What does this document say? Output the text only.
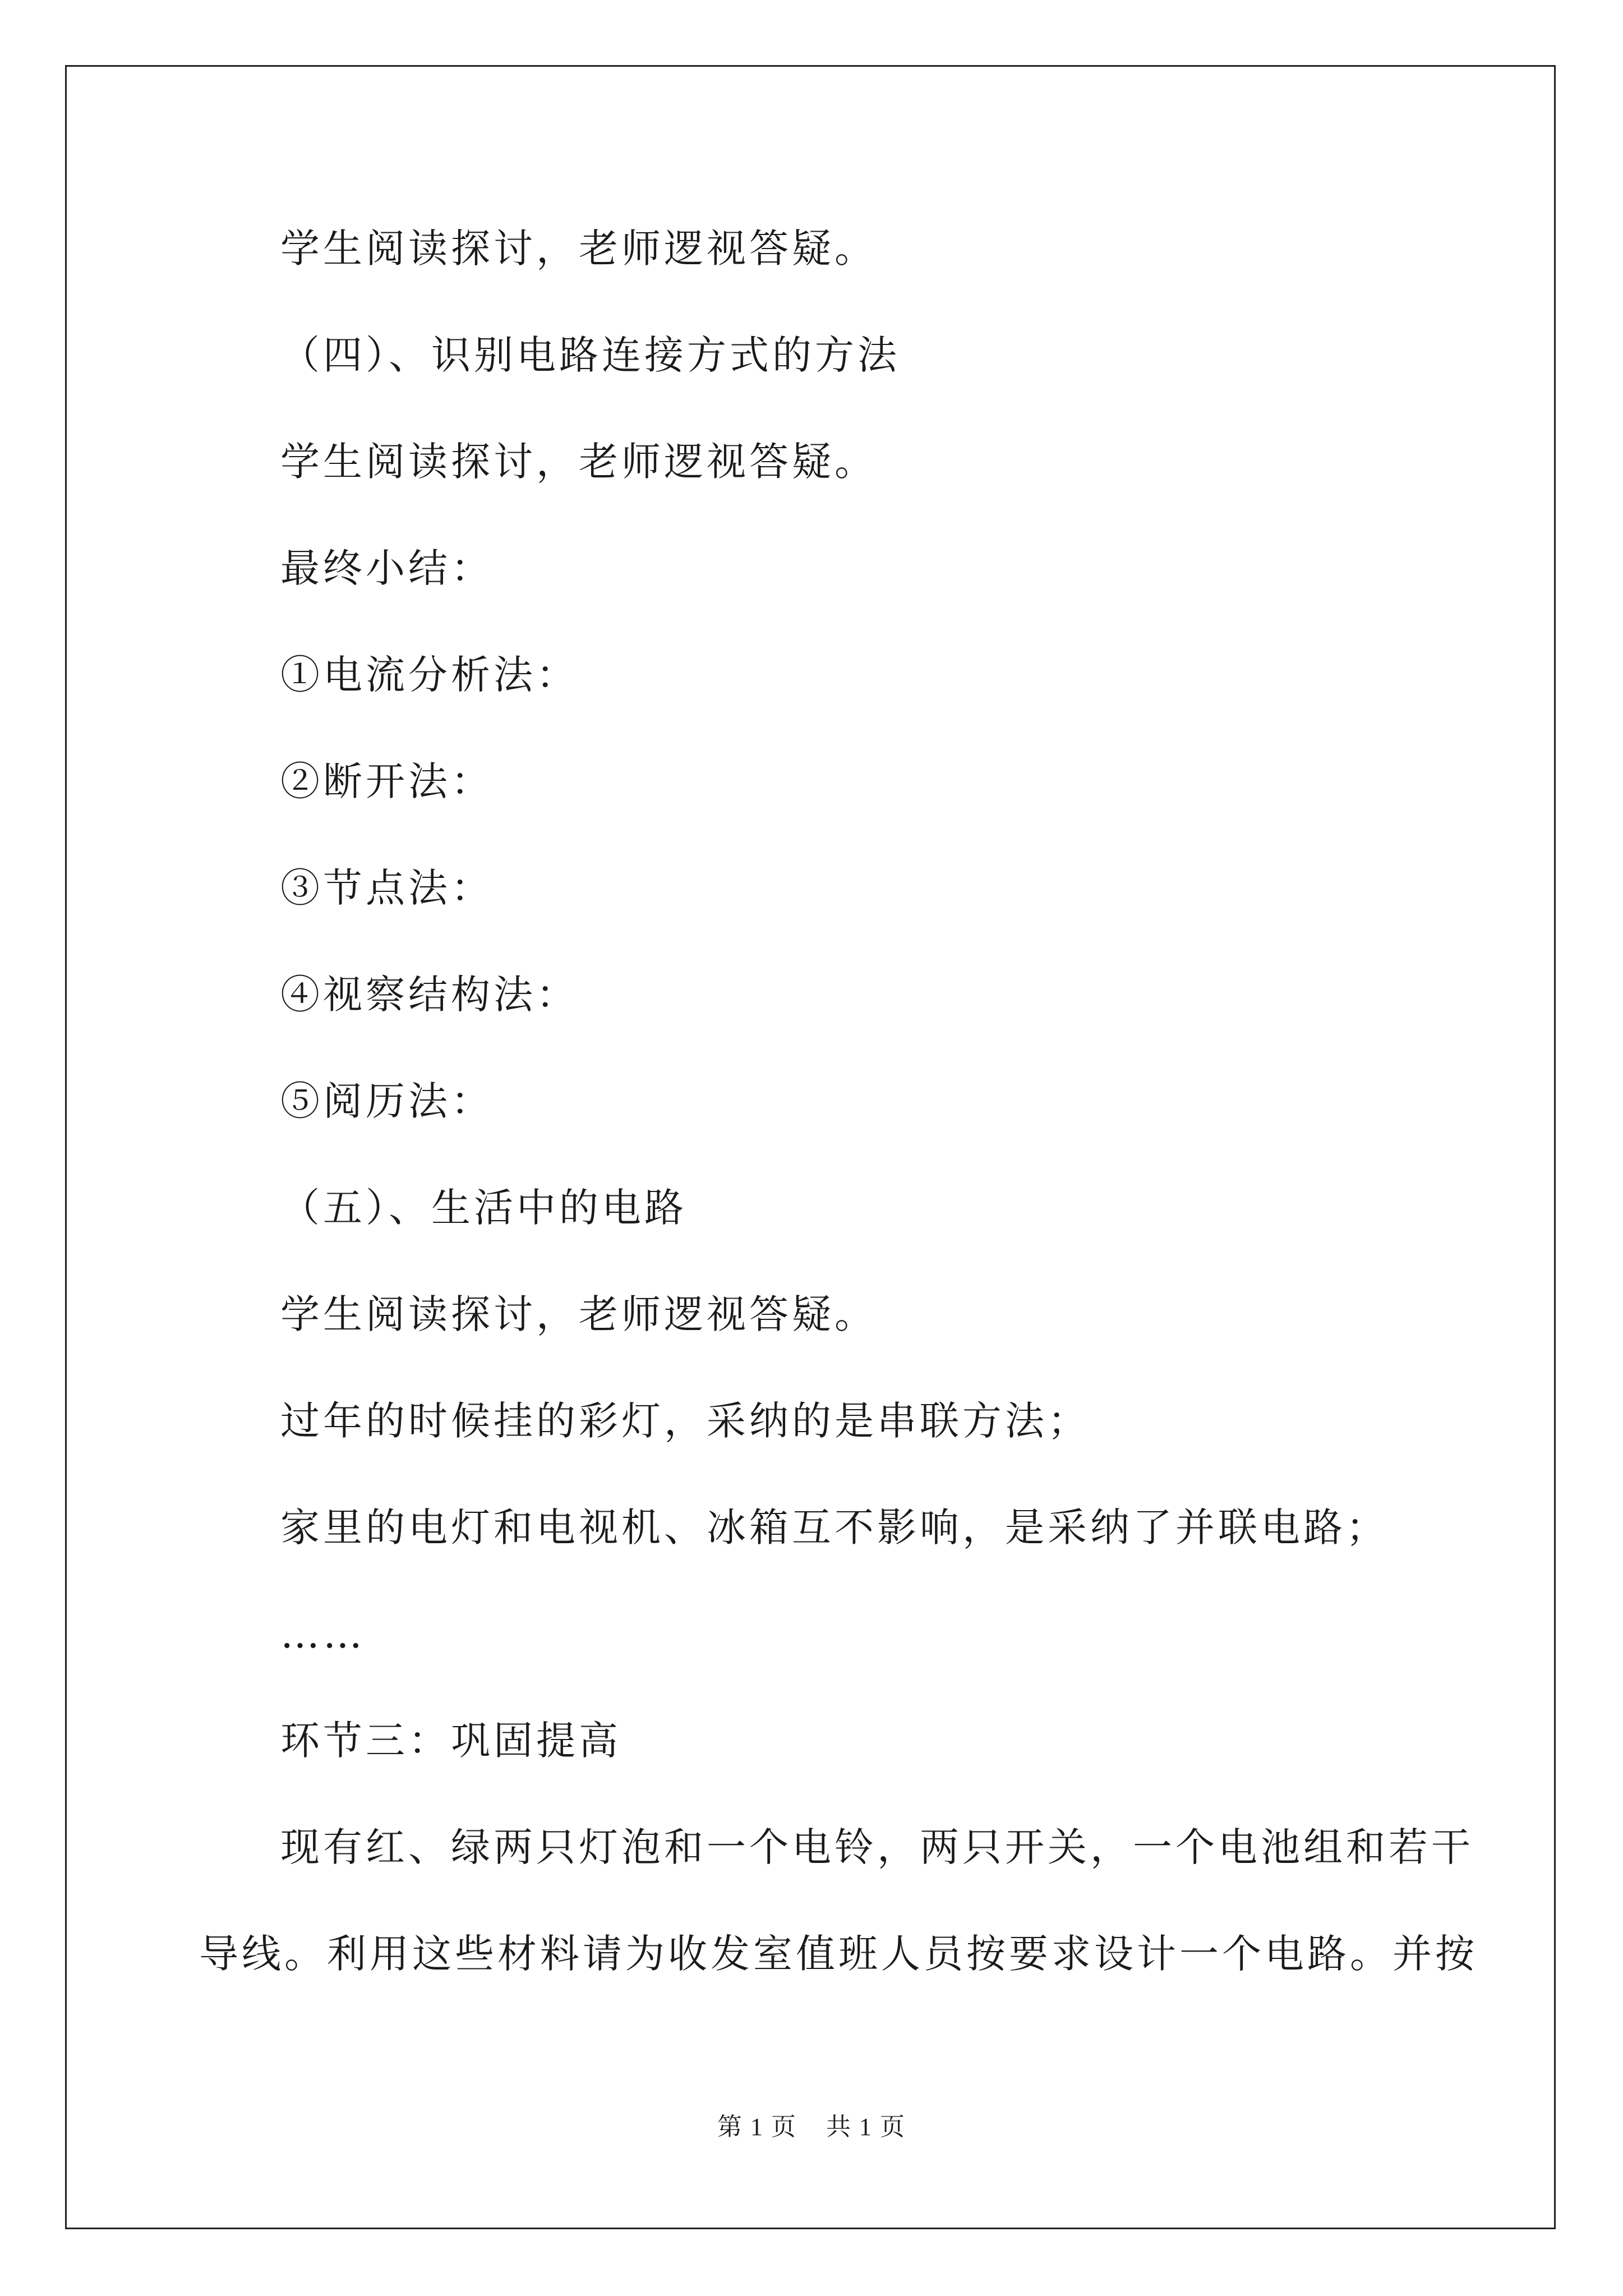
学生阅读探讨，老师逻视答疑。
（四）、识别电路连接方式的方法
学生阅读探讨，老师逻视答疑。
最终小结：
①电流分析法：
②断开法：
③节点法：
④视察结构法：
⑤阅历法：
（五）、生活中的电路
学生阅读探讨，老师逻视答疑。
过年的时候挂的彩灯，采纳的是串联方法；
家里的电灯和电视机、冰箱互不影响，是采纳了并联电路；
……
环节三：巩固提高
现有红、绿两只灯泡和一个电铃，两只开关，一个电池组和若干
导线。利用这些材料请为收发室值班人员按要求设计一个电路。并按
第 1 页 共 1 页
